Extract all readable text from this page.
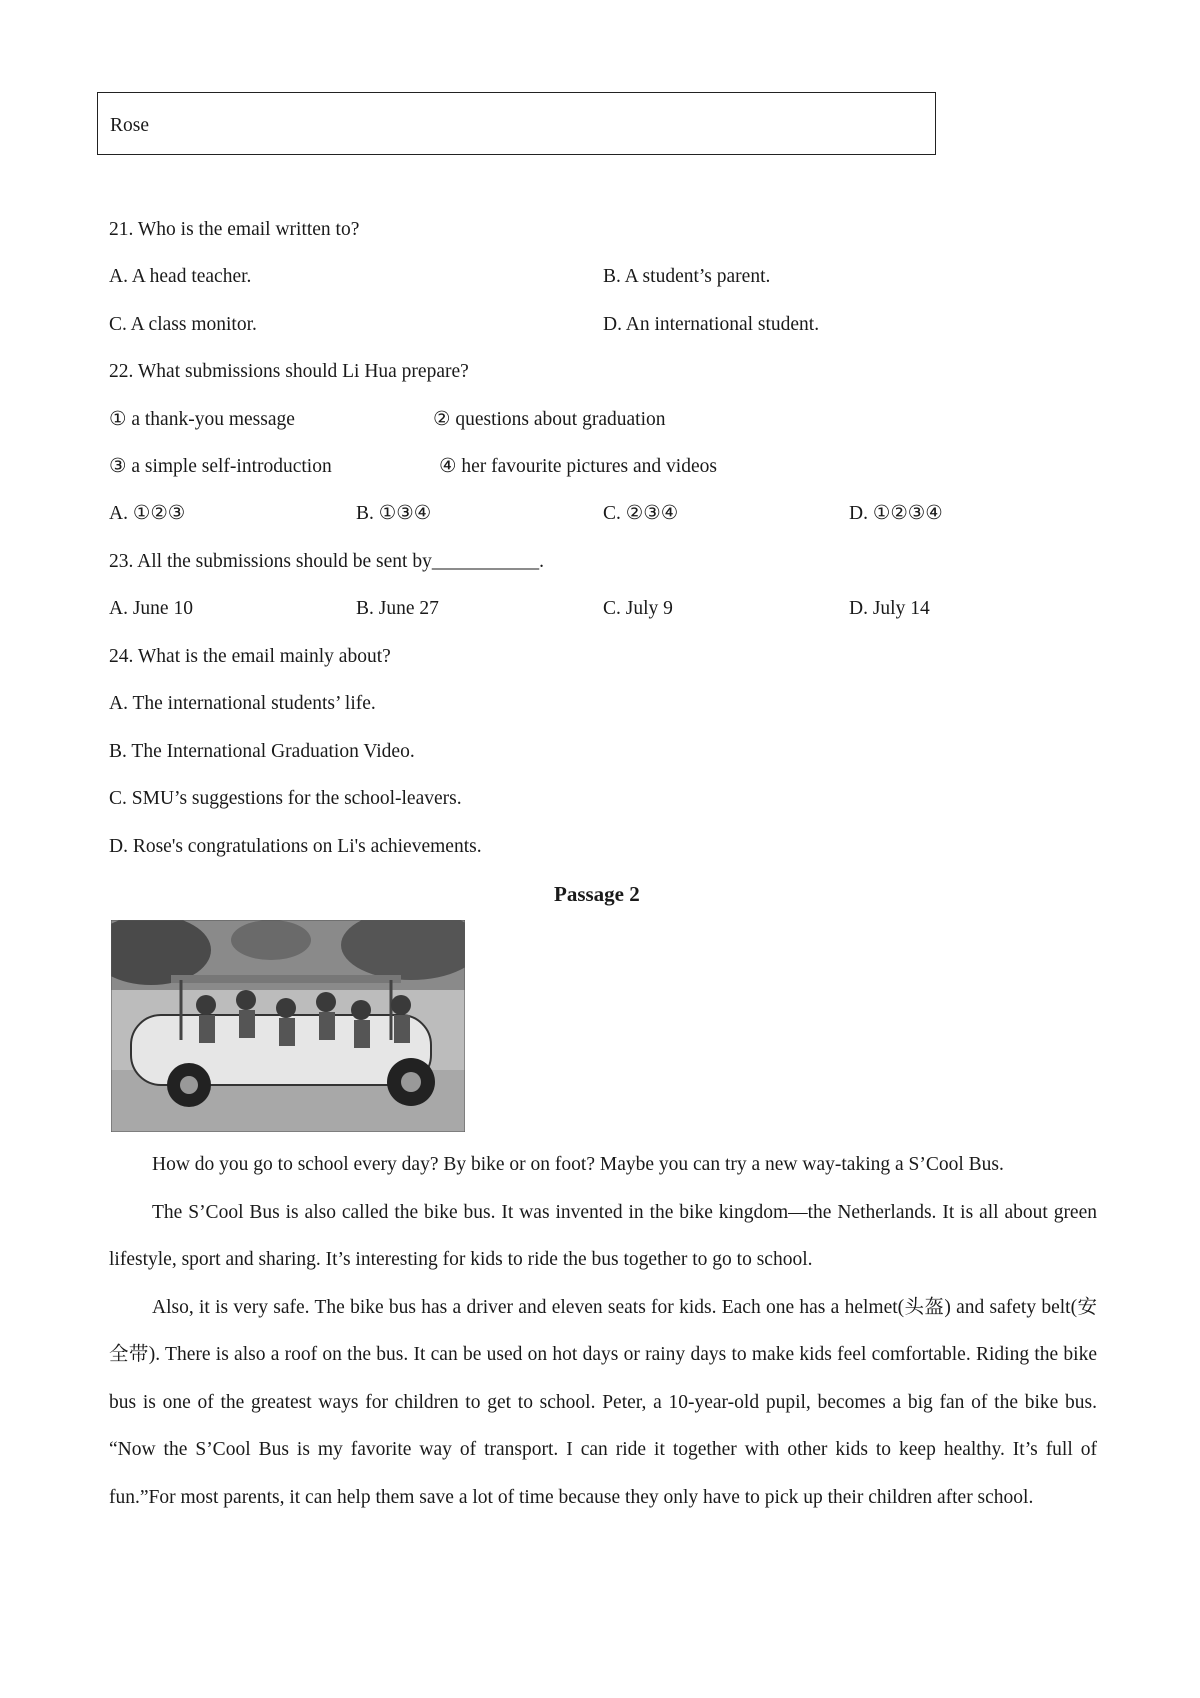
Rose
21. Who is the email written to?
A. A head teacher.	B. A student’s parent.
C. A class monitor.	D. An international student.
22. What submissions should Li Hua prepare?
① a thank-you message	② questions about graduation
③ a simple self-introduction	④ her favourite pictures and videos
A. ①②③	B. ①③④	C. ②③④	D. ①②③④
23. All the submissions should be sent by___________.
A. June 10	B. June 27	C. July 9	D. July 14
24. What is the email mainly about?
A. The international students’ life.
B. The International Graduation Video.
C. SMU’s suggestions for the school-leavers.
D. Rose's congratulations on Li's achievements.
Passage 2

How do you go to school every day? By bike or on foot? Maybe you can try a new way-taking a S’Cool Bus.

The S’Cool Bus is also called the bike bus. It was invented in the bike kingdom—the Netherlands. It is all about green lifestyle, sport and sharing. It’s interesting for kids to ride the bus together to go to school.

Also, it is very safe. The bike bus has a driver and eleven seats for kids. Each one has a helmet(头盔) and safety belt(安全带). There is also a roof on the bus. It can be used on hot days or rainy days to make kids feel comfortable. Riding the bike bus is one of the greatest ways for children to get to school. Peter, a 10-year-old pupil, becomes a big fan of the bike bus. “Now the S’Cool Bus is my favorite way of transport. I can ride it together with other kids to keep healthy. It’s full of fun.”For most parents, it can help them save a lot of time because they only have to pick up their children after school.
